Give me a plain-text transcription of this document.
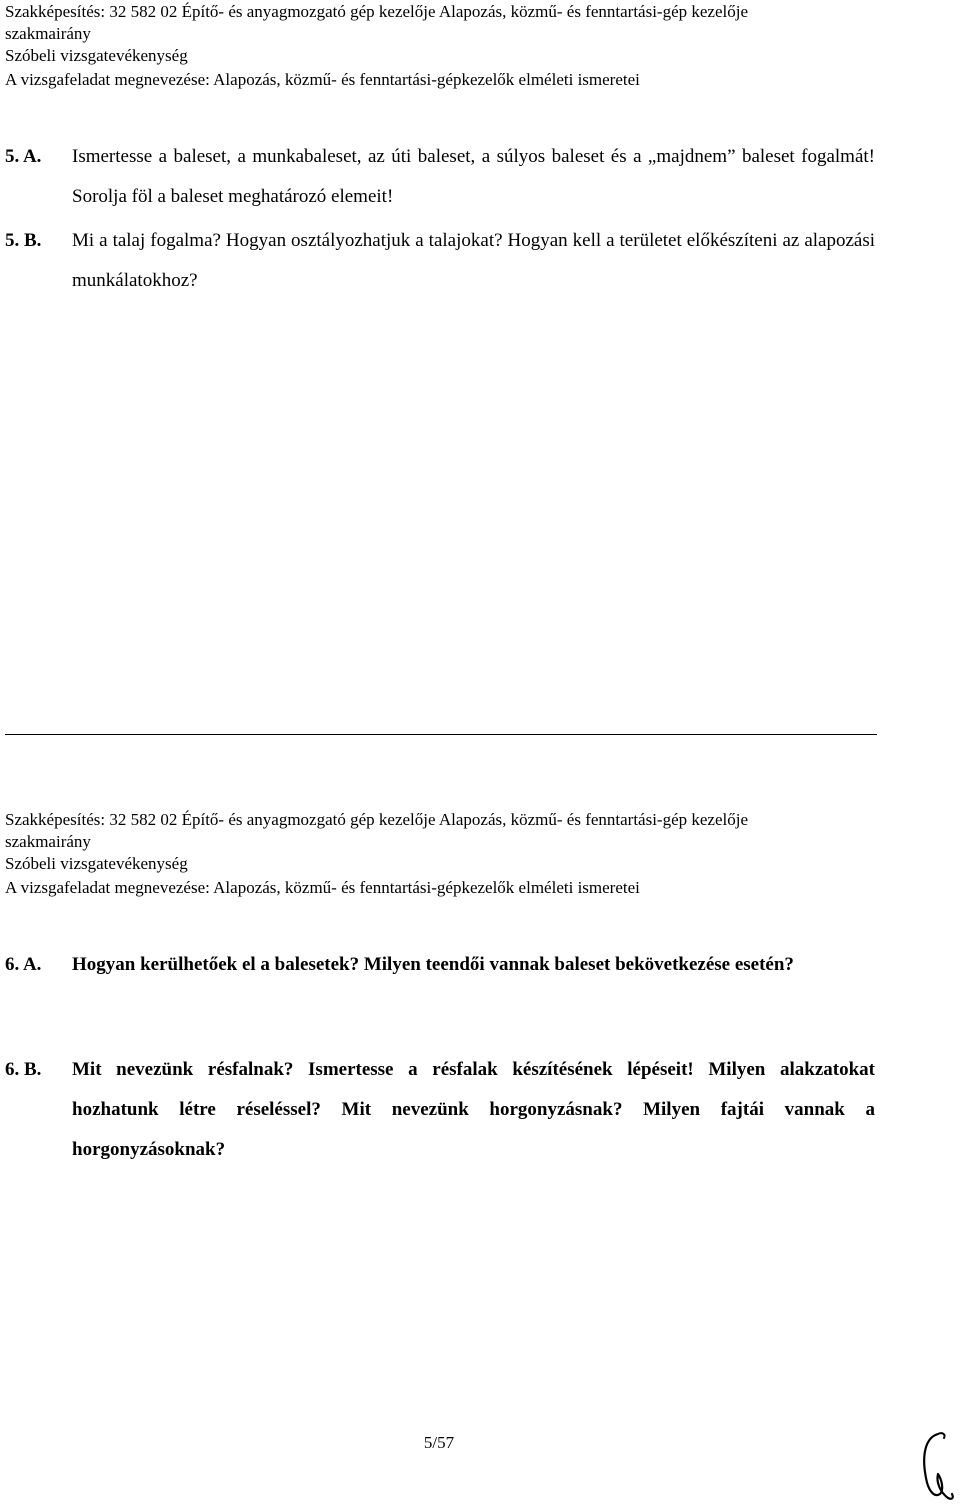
Szakképesítés: 32 582 02 Építő- és anyagmozgató gép kezelője Alapozás, közmű- és fenntartási-gép kezelője
szakmairány
Szóbeli vizsgatevékenység
A vizsgafeladat megnevezése: Alapozás, közmű- és fenntartási-gépkezelők elméleti ismeretei
5. A. Ismertesse a baleset, a munkabaleset, az úti baleset, a súlyos baleset és a „majdnem” baleset fogalmát! Sorolja föl a baleset meghatározó elemeit!
5. B. Mi a talaj fogalma? Hogyan osztályozhatjuk a talajokat? Hogyan kell a területet előkészíteni az alapozási munkálatokhoz?
Szakképesítés: 32 582 02 Építő- és anyagmozgató gép kezelője Alapozás, közmű- és fenntartási-gép kezelője
szakmairány
Szóbeli vizsgatevékenység
A vizsgafeladat megnevezése: Alapozás, közmű- és fenntartási-gépkezelők elméleti ismeretei
6. A. Hogyan kerülhetőek el a balesetek? Milyen teendői vannak baleset bekövetkezése esetén?
6. B. Mit nevezünk résfalnak? Ismertesse a résfalak készítésének lépéseit! Milyen alakzatokat hozhatunk létre réseléssel? Mit nevezünk horgonyzásnak? Milyen fajtái vannak a horgonyzásoknak?
5/57
